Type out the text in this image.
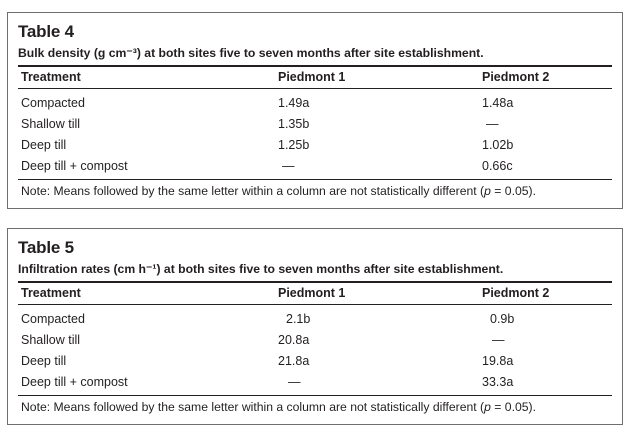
Table 4
Bulk density (g cm⁻³) at both sites five to seven months after site establishment.
Treatment	Piedmont 1	Piedmont 2
Compacted	1.49a	1.48a
Shallow till	1.35b	—
Deep till	1.25b	1.02b
Deep till + compost	—	0.66c
Note: Means followed by the same letter within a column are not statistically different (p = 0.05).
Table 5
Infiltration rates (cm h⁻¹) at both sites five to seven months after site establishment.
Treatment	Piedmont 1	Piedmont 2
Compacted	2.1b	0.9b
Shallow till	20.8a	—
Deep till	21.8a	19.8a
Deep till + compost	—	33.3a
Note: Means followed by the same letter within a column are not statistically different (p = 0.05).
